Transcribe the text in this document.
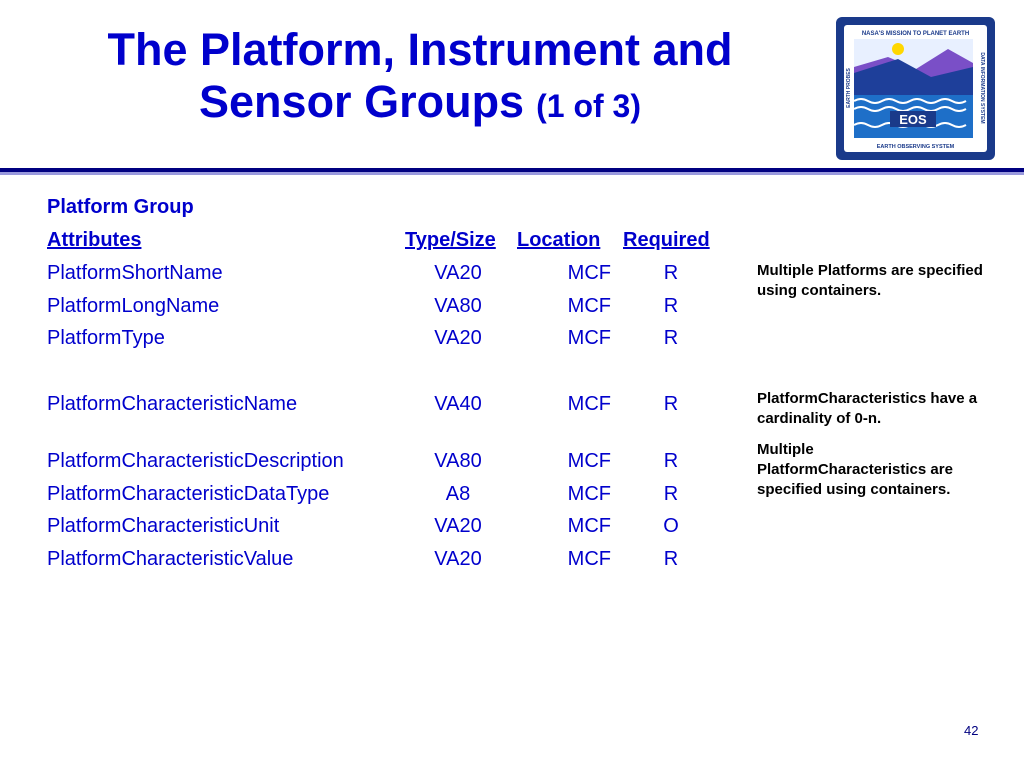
The Platform, Instrument and
Sensor Groups (1 of 3)
NASA'S MISSION TO PLANET EARTH
EOS
EARTH OBSERVING SYSTEM
EARTH PROBES	DATA INFORMATION SYSTEM
Platform Group
Attributes	Type/Size Location Required
PlatformShortName	VA20	MCF	R
PlatformLongName	VA80	MCF	R
PlatformType	VA20	MCF	R
PlatformCharacteristicName	VA40	MCF	R
PlatformCharacteristicDescription	VA80	MCF	R
PlatformCharacteristicDataType	A8	MCF	R
PlatformCharacteristicUnit	VA20	MCF	O
PlatformCharacteristicValue	VA20	MCF	R
Multiple Platforms are specified using containers.
PlatformCharacteristics have a cardinality of 0-n.
Multiple PlatformCharacteristics are specified using containers.
42
